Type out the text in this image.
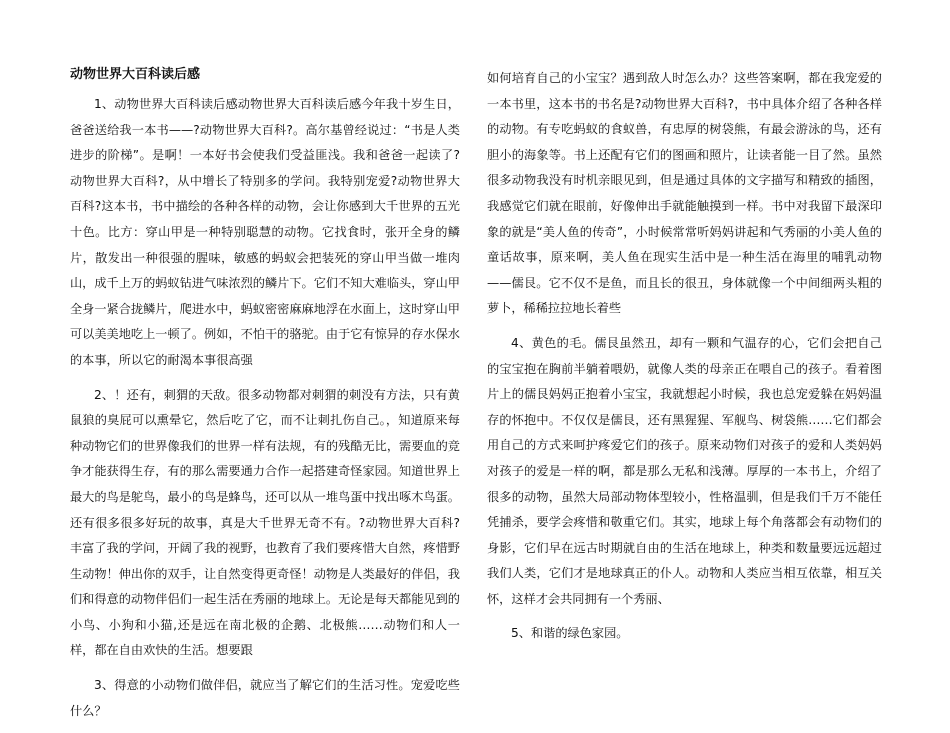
动物世界大百科读后感

1、动物世界大百科读后感动物世界大百科读后感今年我十岁生日，爸爸送给我一本书——?动物世界大百科?。高尔基曾经说过：“书是人类进步的阶梯”。是啊！一本好书会使我们受益匪浅。我和爸爸一起读了?动物世界大百科?，从中增长了特别多的学问。我特别宠爱?动物世界大百科?这本书，书中描绘的各种各样的动物，会让你感到大千世界的五光十色。比方：穿山甲是一种特别聪慧的动物。它找食时，张开全身的鳞片，散发出一种很强的腥味，敏感的蚂蚁会把装死的穿山甲当做一堆肉山，成千上万的蚂蚁钻进气味浓烈的鳞片下。它们不知大难临头，穿山甲全身一紧合拢鳞片，爬进水中，蚂蚁密密麻麻地浮在水面上，这时穿山甲可以美美地吃上一顿了。例如，不怕干的骆驼。由于它有惊异的存水保水的本事，所以它的耐渴本事很高强

2、！还有，刺猬的天敌。很多动物都对刺猬的刺没有方法，只有黄鼠狼的臭屁可以熏晕它，然后吃了它，而不让刺扎伤自己。，知道原来每种动物它们的世界像我们的世界一样有法规，有的残酷无比，需要血的竞争才能获得生存，有的那么需要通力合作一起搭建奇怪家园。知道世界上最大的鸟是鸵鸟，最小的鸟是蜂鸟，还可以从一堆鸟蛋中找出啄木鸟蛋。还有很多很多好玩的故事，真是大千世界无奇不有。?动物世界大百科?丰富了我的学问，开阔了我的视野，也教育了我们要疼惜大自然，疼惜野生动物！伸出你的双手，让自然变得更奇怪！动物是人类最好的伴侣，我们和得意的动物伴侣们一起生活在秀丽的地球上。无论是每天都能见到的小鸟、小狗和小猫,还是远在南北极的企鹅、北极熊……动物们和人一样，都在自由欢快的生活。想要跟

3、得意的小动物们做伴侣，就应当了解它们的生活习性。宠爱吃些什么？

如何培育自己的小宝宝？遇到敌人时怎么办？这些答案啊，都在我宠爱的一本书里，这本书的书名是?动物世界大百科?，书中具体介绍了各种各样的动物。有专吃蚂蚁的食蚁兽，有忠厚的树袋熊，有最会游泳的鸟，还有胆小的海象等。书上还配有它们的图画和照片，让读者能一目了然。虽然很多动物我没有时机亲眼见到，但是通过具体的文字描写和精致的插图，我感觉它们就在眼前，好像伸出手就能触摸到一样。书中对我留下最深印象的就是“美人鱼的传奇”，小时候常常听妈妈讲起和气秀丽的小美人鱼的童话故事，原来啊，美人鱼在现实生活中是一种生活在海里的哺乳动物——儒艮。它不仅不是鱼，而且长的很丑，身体就像一个中间细两头粗的萝卜，稀稀拉拉地长着些

4、黄色的毛。儒艮虽然丑，却有一颗和气温存的心，它们会把自己的宝宝抱在胸前半躺着喂奶，就像人类的母亲正在喂自己的孩子。看着图片上的儒艮妈妈正抱着小宝宝，我就想起小时候，我也总宠爱躲在妈妈温存的怀抱中。不仅仅是儒艮，还有黑猩猩、军舰鸟、树袋熊……它们都会用自己的方式来呵护疼爱它们的孩子。原来动物们对孩子的爱和人类妈妈对孩子的爱是一样的啊，都是那么无私和浅薄。厚厚的一本书上，介绍了很多的动物，虽然大局部动物体型较小，性格温驯，但是我们千万不能任凭捕杀，要学会疼惜和敬重它们。其实，地球上每个角落都会有动物们的身影，它们早在远古时期就自由的生活在地球上，种类和数量要远远超过我们人类，它们才是地球真正的仆人。动物和人类应当相互依靠，相互关怀，这样才会共同拥有一个秀丽、

5、和谐的绿色家园。
